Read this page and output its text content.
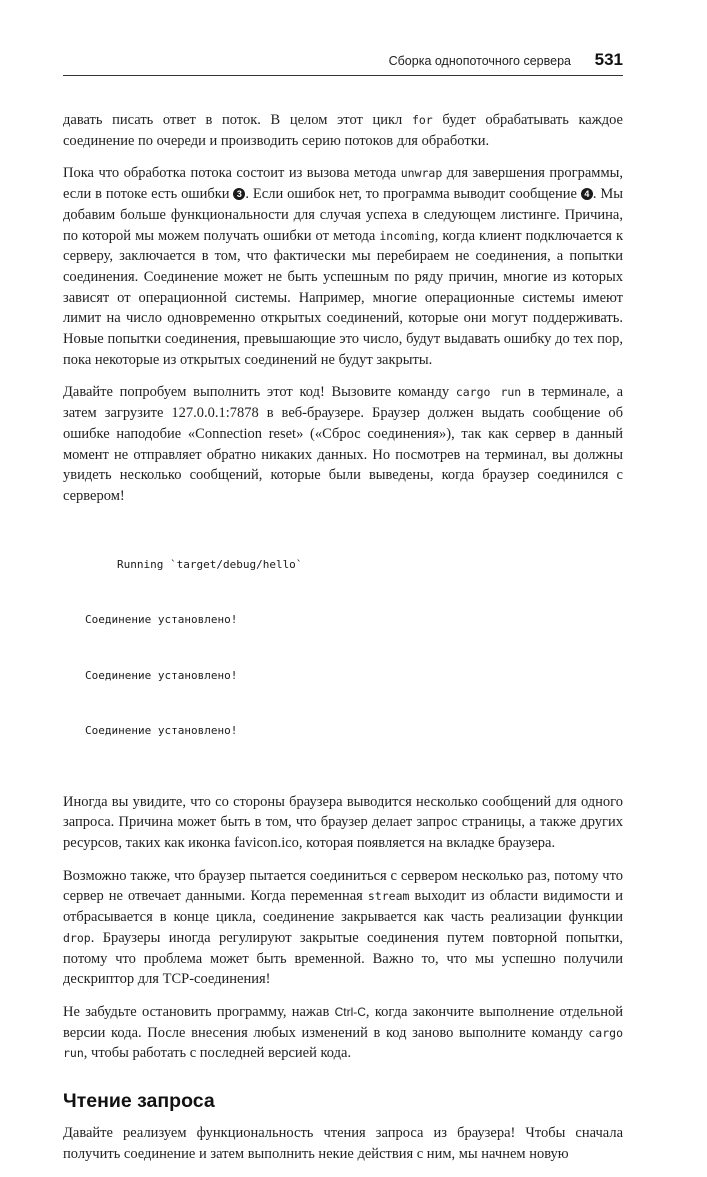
Сборка однопоточного сервера 531

давать писать ответ в поток. В целом этот цикл for будет обрабатывать каждое соединение по очереди и производить серию потоков для обработки.

Пока что обработка потока состоит из вызова метода unwrap для завершения программы, если в потоке есть ошибки 3 . Если ошибок нет, то программа выводит сообщение 4 . Мы добавим больше функциональности для случая успеха в следующем листинге. Причина, по которой мы можем получать ошибки от метода incoming, когда клиент подключается к серверу, заключается в том, что фактически мы перебираем не соединения, а попытки соединения. Соединение может не быть успешным по ряду причин, многие из которых зависят от операционной системы. Например, многие операционные системы имеют лимит на число одновременно открытых соединений, которые они могут поддерживать. Новые попытки соединения, превышающие это число, будут выдавать ошибку до тех пор, пока некоторые из открытых соединений не будут закрыты.

Давайте попробуем выполнить этот код! Вызовите команду cargo run в терминале, а затем загрузите 127.0.0.1:7878 в веб-браузере. Браузер должен выдать сообщение об ошибке наподобие «Connection reset» («Сброс соединения»), так как сервер в данный момент не отправляет обратно никаких данных. Но посмотрев на терминал, вы должны увидеть несколько сообщений, которые были выведены, когда браузер соединился с сервером!

Running `target/debug/hello`

Соединение установлено!

Соединение установлено!

Соединение установлено!

Иногда вы увидите, что со стороны браузера выводится несколько сообщений для одного запроса. Причина может быть в том, что браузер делает запрос страницы, а также других ресурсов, таких как иконка favicon.ico, которая появляется на вкладке браузера.

Возможно также, что браузер пытается соединиться с сервером несколько раз, потому что сервер не отвечает данными. Когда переменная stream выходит из области видимости и отбрасывается в конце цикла, соединение закрывается как часть реализации функции drop. Браузеры иногда регулируют закрытые соединения путем повторной попытки, потому что проблема может быть временной. Важно то, что мы успешно получили дескриптор для TCP-соединения!

Не забудьте остановить программу, нажав Ctrl-C, когда закончите выполнение отдельной версии кода. После внесения любых изменений в код заново выполните команду cargo run, чтобы работать с последней версией кода.

Чтение запроса

Давайте реализуем функциональность чтения запроса из браузера! Чтобы сначала получить соединение и затем выполнить некие действия с ним, мы начнем новую
